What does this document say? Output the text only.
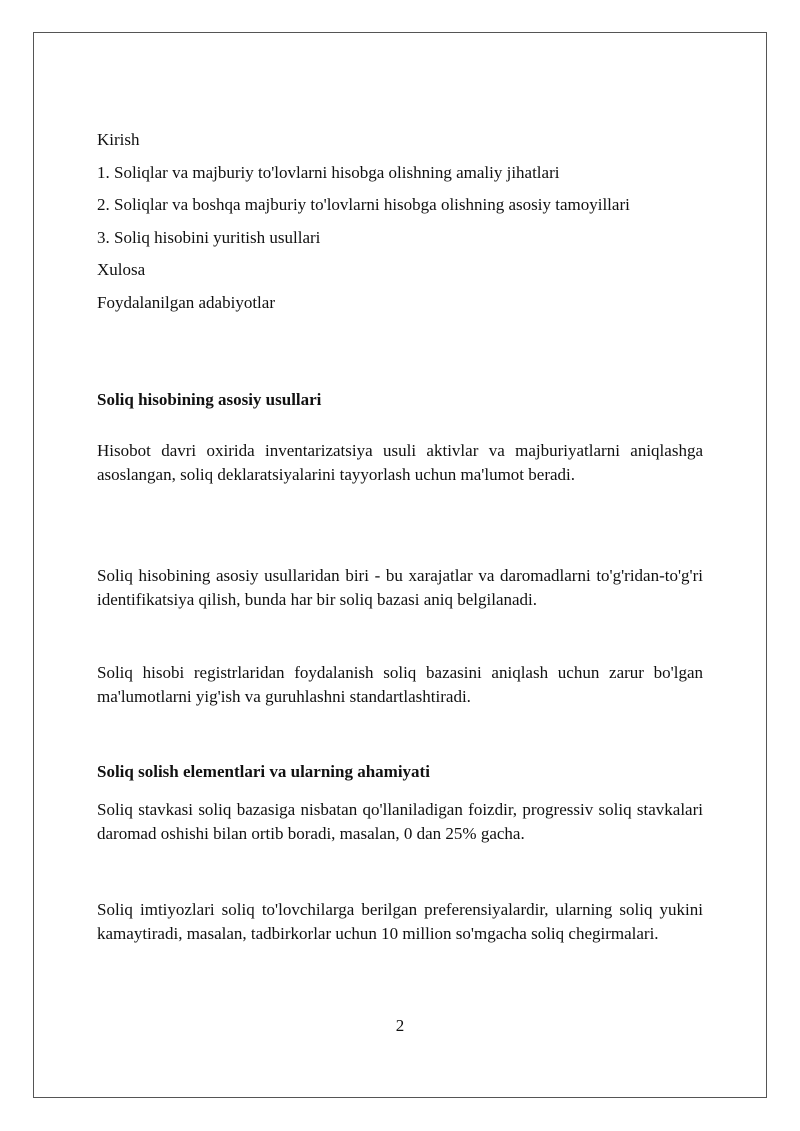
Kirish
1. Soliqlar va majburiy to'lovlarni hisobga olishning amaliy jihatlari
2. Soliqlar va boshqa majburiy to'lovlarni hisobga olishning asosiy tamoyillari
3. Soliq hisobini yuritish usullari
Xulosa
Foydalanilgan adabiyotlar
Soliq hisobining asosiy usullari

Hisobot davri oxirida inventarizatsiya usuli aktivlar va majburiyatlarni aniqlashga asoslangan, soliq deklaratsiyalarini tayyorlash uchun ma'lumot beradi.

Soliq hisobining asosiy usullaridan biri - bu xarajatlar va daromadlarni to'g'ridan-to'g'ri identifikatsiya qilish, bunda har bir soliq bazasi aniq belgilanadi.

Soliq hisobi registrlaridan foydalanish soliq bazasini aniqlash uchun zarur bo'lgan ma'lumotlarni yig'ish va guruhlashni standartlashtiradi.

Soliq solish elementlari va ularning ahamiyati

Soliq stavkasi soliq bazasiga nisbatan qo'llaniladigan foizdir, progressiv soliq stavkalari daromad oshishi bilan ortib boradi, masalan, 0 dan 25% gacha.

Soliq imtiyozlari soliq to'lovchilarga berilgan preferensiyalardir, ularning soliq yukini kamaytiradi, masalan, tadbirkorlar uchun 10 million so'mgacha soliq chegirmalari.

2
